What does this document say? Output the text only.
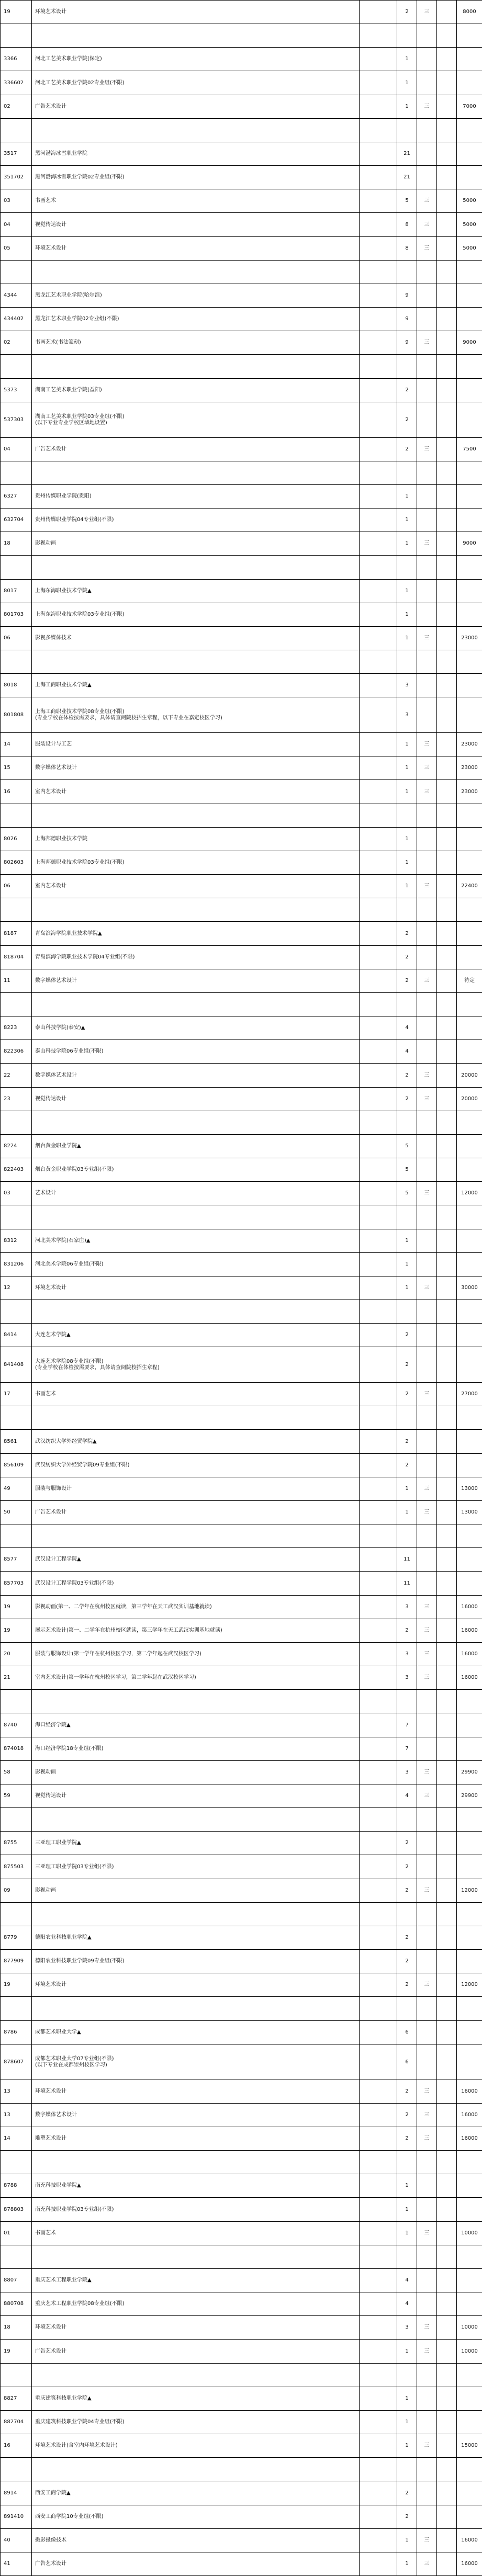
19	环境艺术设计		2	三		8000

3366	河北工艺美术职业学院(保定)		1			
336602	河北工艺美术职业学院02专业组(不限)		1			
02	广告艺术设计		1	三		7000

3517	黑河渤海冰雪职业学院		21			
351702	黑河渤海冰雪职业学院02专业组(不限)		21			
03	书画艺术		5	三		5000
04	视觉传达设计		8	三		5000
05	环境艺术设计		8	三		5000

4344	黑龙江艺术职业学院(哈尔滨)		9			
434402	黑龙江艺术职业学院02专业组(不限)		9			
02	书画艺术(书法篆刻)		9	三		9000

5373	湖南工艺美术职业学院(益阳)		2			
537303	湖南工艺美术职业学院03专业组(不限)
(以下专业专业学校区域地设置)		2			
04	广告艺术设计		2	三		7500

6327	贵州传媒职业学院(贵阳)		1			
632704	贵州传媒职业学院04专业组(不限)		1			
18	影视动画		1	三		9000

8017	上海东海职业技术学院▲		1			
801703	上海东海职业技术学院03专业组(不限)		1			
06	影视多媒体技术		1	三		23000

8018	上海工商职业技术学院▲		3			
801808	上海工商职业技术学院08专业组(不限)
(专业学校在体检按需要求，具体请查阅院校招生章程，以下专业在嘉定校区学习)		3			
14	服装设计与工艺		1	三		23000
15	数字媒体艺术设计		1	三		23000
16	室内艺术设计		1	三		23000

8026	上海邦德职业技术学院		1			
802603	上海邦德职业技术学院03专业组(不限)		1			
06	室内艺术设计		1	三		22400

8187	青岛滨海学院职业技术学院▲		2			
818704	青岛滨海学院职业技术学院04专业组(不限)		2			
11	数字媒体艺术设计		2	三		待定

8223	泰山科技学院(泰安)▲		4			
822306	泰山科技学院06专业组(不限)		4			
22	数字媒体艺术设计		2	三		20000
23	视觉传达设计		2	三		20000

8224	烟台黄金职业学院▲		5			
822403	烟台黄金职业学院03专业组(不限)		5			
03	艺术设计		5	三		12000

8312	河北美术学院(石家庄)▲		1			
831206	河北美术学院06专业组(不限)		1			
12	环境艺术设计		1	三		30000

8414	大连艺术学院▲		2			
841408	大连艺术学院08专业组(不限)
(专业学校在体检按需要求，具体请查阅院校招生章程)		2			
17	书画艺术		2	三		27000

8561	武汉纺织大学外经贸学院▲		2			
856109	武汉纺织大学外经贸学院09专业组(不限)		2			
49	服装与服饰设计		1	三		13000
50	广告艺术设计		1	三		13000

8577	武汉设计工程学院▲		11			
857703	武汉设计工程学院03专业组(不限)		11			
19	影视动画(第一、二学年在杭州校区就读，第三学年在天工武汉实训基地就读)		3	三		16000
19	展示艺术设计(第一、二学年在杭州校区就读，第三学年在天工武汉实训基地就读)		2	三		16000
20	服装与服饰设计(第一学年在杭州校区学习，第二学年起在武汉校区学习)		3	三		16000
21	室内艺术设计(第一学年在杭州校区学习，第二学年起在武汉校区学习)		3	三		16000

8740	海口经济学院▲		7			
874018	海口经济学院18专业组(不限)		7			
58	影视动画		3	三		29900
59	视觉传达设计		4	三		29900

8755	三亚理工职业学院▲		2			
875503	三亚理工职业学院03专业组(不限)		2			
09	影视动画		2	三		12000

8779	德阳农业科技职业学院▲		2			
877909	德阳农业科技职业学院09专业组(不限)		2			
19	环境艺术设计		2	三		12000

8786	成都艺术职业大学▲		6			
878607	成都艺术职业大学07专业组(不限)
(以下专业在成都崇州校区学习)		6			
13	环境艺术设计		2	三		16000
13	数字媒体艺术设计		2	三		16000
14	雕塑艺术设计		2	三		16000

8788	南充科技职业学院▲		1			
878803	南充科技职业学院03专业组(不限)		1			
01	书画艺术		1	三		10000

8807	重庆艺术工程职业学院▲		4			
880708	重庆艺术工程职业学院08专业组(不限)		4			
18	环境艺术设计		3	三		10000
19	广告艺术设计		1	三		10000

8827	重庆建筑科技职业学院▲		1			
882704	重庆建筑科技职业学院04专业组(不限)		1			
16	环境艺术设计(含室内环境艺术设计)		1	三		15000

8914	西安工商学院▲		2			
891410	西安工商学院10专业组(不限)		2			
40	摄影摄像技术		1	三		16000
41	广告艺术设计		1	三		16000
